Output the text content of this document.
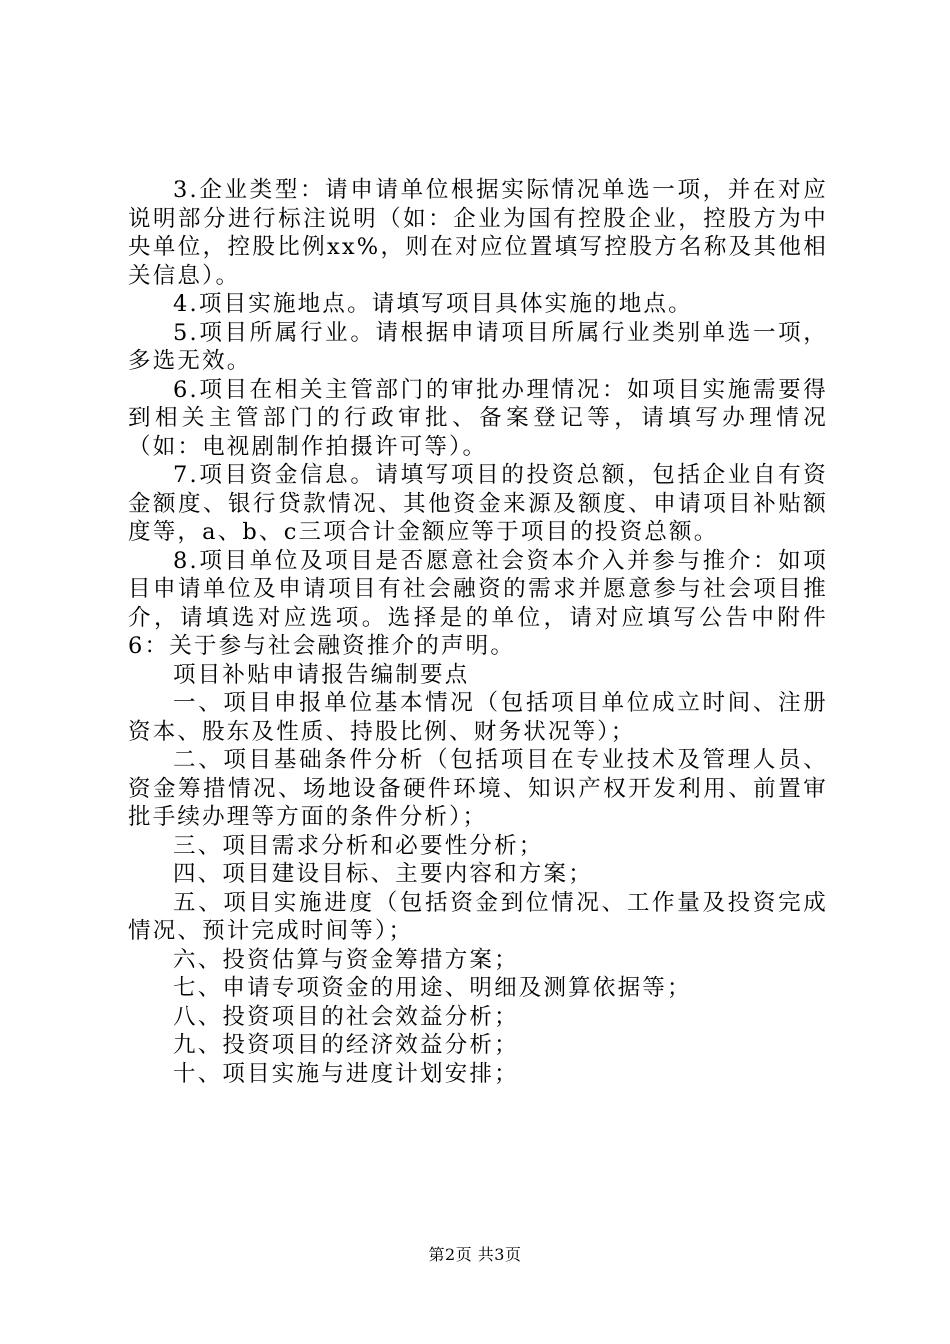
3.企业类型：请申请单位根据实际情况单选一项，并在对应说明部分进行标注说明（如：企业为国有控股企业，控股方为中央单位，控股比例xx%，则在对应位置填写控股方名称及其他相关信息）。

4.项目实施地点。请填写项目具体实施的地点。

5.项目所属行业。请根据申请项目所属行业类别单选一项，多选无效。

6.项目在相关主管部门的审批办理情况：如项目实施需要得到相关主管部门的行政审批、备案登记等，请填写办理情况（如：电视剧制作拍摄许可等）。

7.项目资金信息。请填写项目的投资总额，包括企业自有资金额度、银行贷款情况、其他资金来源及额度、申请项目补贴额度等，a、b、c三项合计金额应等于项目的投资总额。

8.项目单位及项目是否愿意社会资本介入并参与推介：如项目申请单位及申请项目有社会融资的需求并愿意参与社会项目推介，请填选对应选项。选择是的单位，请对应填写公告中附件6：关于参与社会融资推介的声明。

项目补贴申请报告编制要点

一、项目申报单位基本情况（包括项目单位成立时间、注册资本、股东及性质、持股比例、财务状况等）；

二、项目基础条件分析（包括项目在专业技术及管理人员、资金筹措情况、场地设备硬件环境、知识产权开发利用、前置审批手续办理等方面的条件分析）；

三、项目需求分析和必要性分析；

四、项目建设目标、主要内容和方案；

五、项目实施进度（包括资金到位情况、工作量及投资完成情况、预计完成时间等）；

六、投资估算与资金筹措方案；

七、申请专项资金的用途、明细及测算依据等；

八、投资项目的社会效益分析；

九、投资项目的经济效益分析；

十、项目实施与进度计划安排；

第2页 共3页
